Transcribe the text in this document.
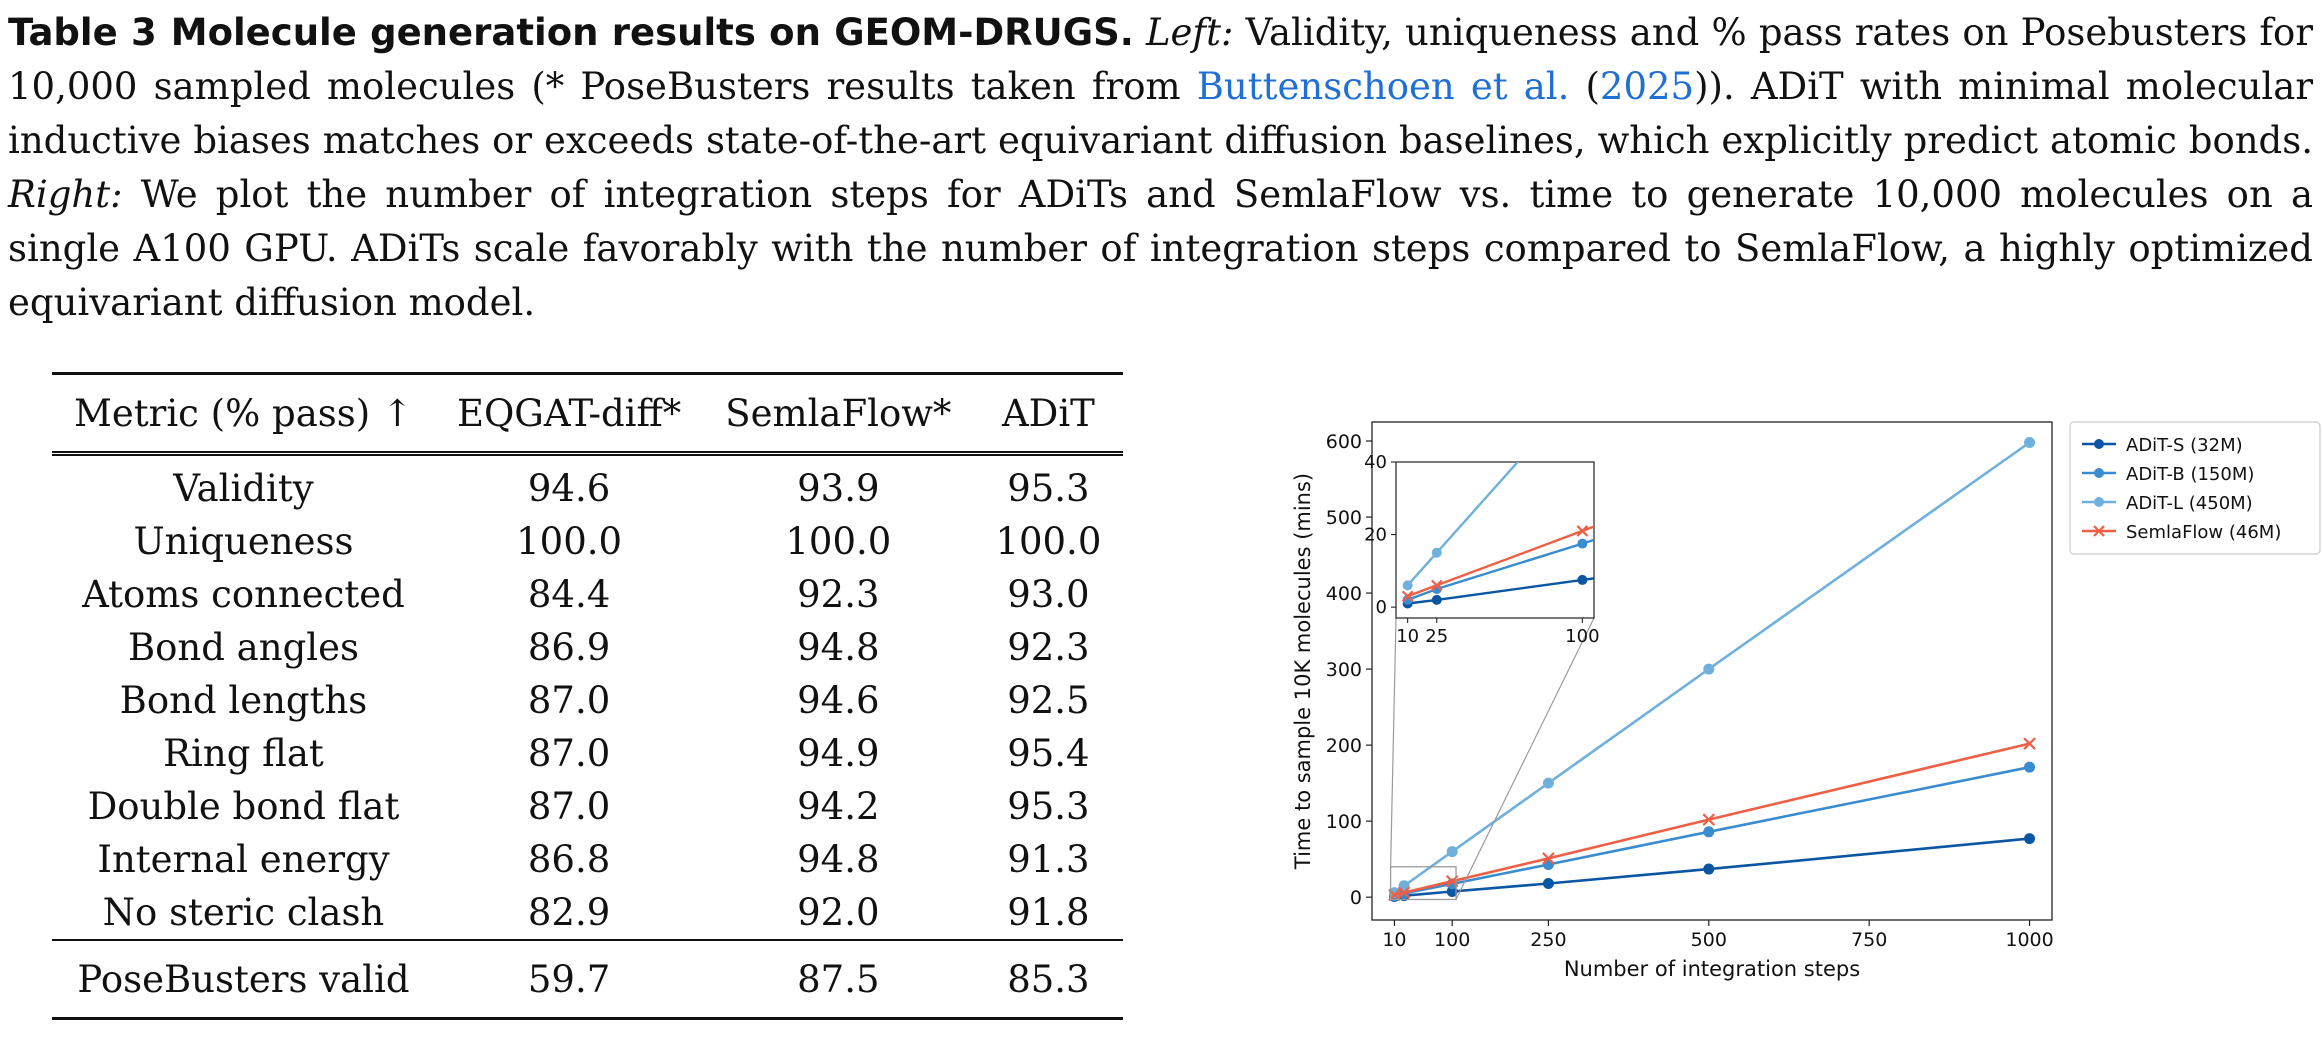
Table 3 Molecule generation results on GEOM-DRUGS. Left: Validity, uniqueness and % pass rates on Posebusters for 10,000 sampled molecules (* PoseBusters results taken from Buttenschoen et al. (2025)). ADiT with minimal molecular inductive biases matches or exceeds state-of-the-art equivariant diffusion baselines, which explicitly predict atomic bonds. Right: We plot the number of integration steps for ADiTs and SemlaFlow vs. time to generate 10,000 molecules on a single A100 GPU. ADiTs scale favorably with the number of integration steps compared to SemlaFlow, a highly optimized equivariant diffusion model.

Metric (% pass) ↑	EQGAT-diff*	SemlaFlow*	ADiT
Validity	94.6	93.9	95.3
Uniqueness	100.0	100.0	100.0
Atoms connected	84.4	92.3	93.0
Bond angles	86.9	94.8	92.3
Bond lengths	87.0	94.6	92.5
Ring flat	87.0	94.9	95.4
Double bond flat	87.0	94.2	95.3
Internal energy	86.8	94.8	91.3
No steric clash	82.9	92.0	91.8
PoseBusters valid	59.7	87.5	85.3
10 100	250	500	750	1000
0
100
200
300
400
500
600
Number of integration steps
Time to sample 10K molecules (mins)	10 25	100
0
20
40
ADiT-S (32M)
ADiT-B (150M)
ADiT-L (450M)
SemlaFlow (46M)
